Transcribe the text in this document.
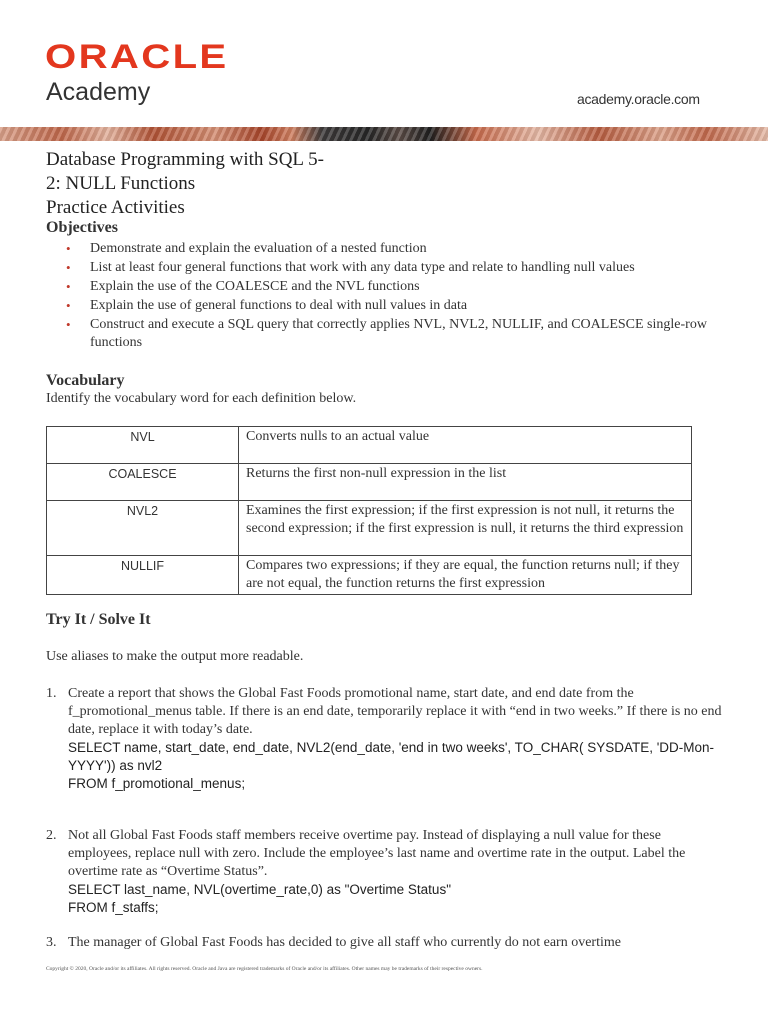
ORACLE
Academy	academy.oracle.com
Database Programming with SQL 5-
2: NULL Functions
Practice Activities
Objectives
• Demonstrate and explain the evaluation of a nested function
• List at least four general functions that work with any data type and relate to handling null values
• Explain the use of the COALESCE and the NVL functions
• Explain the use of general functions to deal with null values in data
• Construct and execute a SQL query that correctly applies NVL, NVL2, NULLIF, and COALESCE single-row functions
Vocabulary
Identify the vocabulary word for each definition below.
NVL	Converts nulls to an actual value
COALESCE	Returns the first non-null expression in the list
NVL2	Examines the first expression; if the first expression is not null, it returns the second expression; if the first expression is null, it returns the third expression
NULLIF	Compares two expressions; if they are equal, the function returns null; if they are not equal, the function returns the first expression
Try It / Solve It
Use aliases to make the output more readable.
1. Create a report that shows the Global Fast Foods promotional name, start date, and end date from the f_promotional_menus table. If there is an end date, temporarily replace it with “end in two weeks.” If there is no end date, replace it with today’s date.
SELECT name, start_date, end_date, NVL2(end_date, 'end in two weeks', TO_CHAR( SYSDATE, 'DD-Mon-YYYY')) as nvl2
FROM f_promotional_menus;
2. Not all Global Fast Foods staff members receive overtime pay. Instead of displaying a null value for these employees, replace null with zero. Include the employee’s last name and overtime rate in the output. Label the overtime rate as “Overtime Status”.
SELECT last_name, NVL(overtime_rate,0) as "Overtime Status"
FROM f_staffs;
3. The manager of Global Fast Foods has decided to give all staff who currently do not earn overtime
Copyright © 2020, Oracle and/or its affiliates. All rights reserved. Oracle and Java are registered trademarks of Oracle and/or its affiliates. Other names may be trademarks of their respective owners.
